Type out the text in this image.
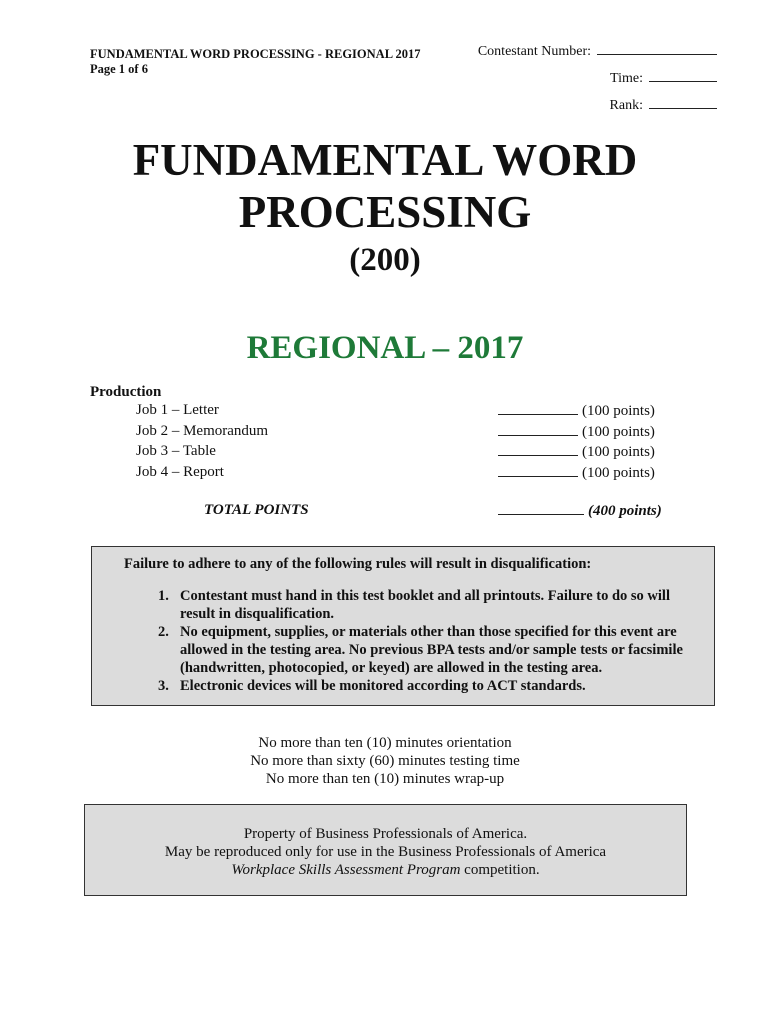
FUNDAMENTAL WORD PROCESSING - REGIONAL 2017
Page 1 of 6
Contestant Number:
Time:
Rank:
FUNDAMENTAL WORD
PROCESSING
(200)
REGIONAL – 2017
Production
Job 1 – Letter
Job 2 – Memorandum
Job 3 – Table
Job 4 – Report
(100 points)
(100 points)
(100 points)
(100 points)
TOTAL POINTS	(400 points)
Failure to adhere to any of the following rules will result in disqualification:
1. Contestant must hand in this test booklet and all printouts. Failure to do so will result in disqualification.
2. No equipment, supplies, or materials other than those specified for this event are allowed in the testing area. No previous BPA tests and/or sample tests or facsimile (handwritten, photocopied, or keyed) are allowed in the testing area.
3. Electronic devices will be monitored according to ACT standards.
No more than ten (10) minutes orientation
No more than sixty (60) minutes testing time
No more than ten (10) minutes wrap-up
Property of Business Professionals of America.
May be reproduced only for use in the Business Professionals of America
Workplace Skills Assessment Program competition.
